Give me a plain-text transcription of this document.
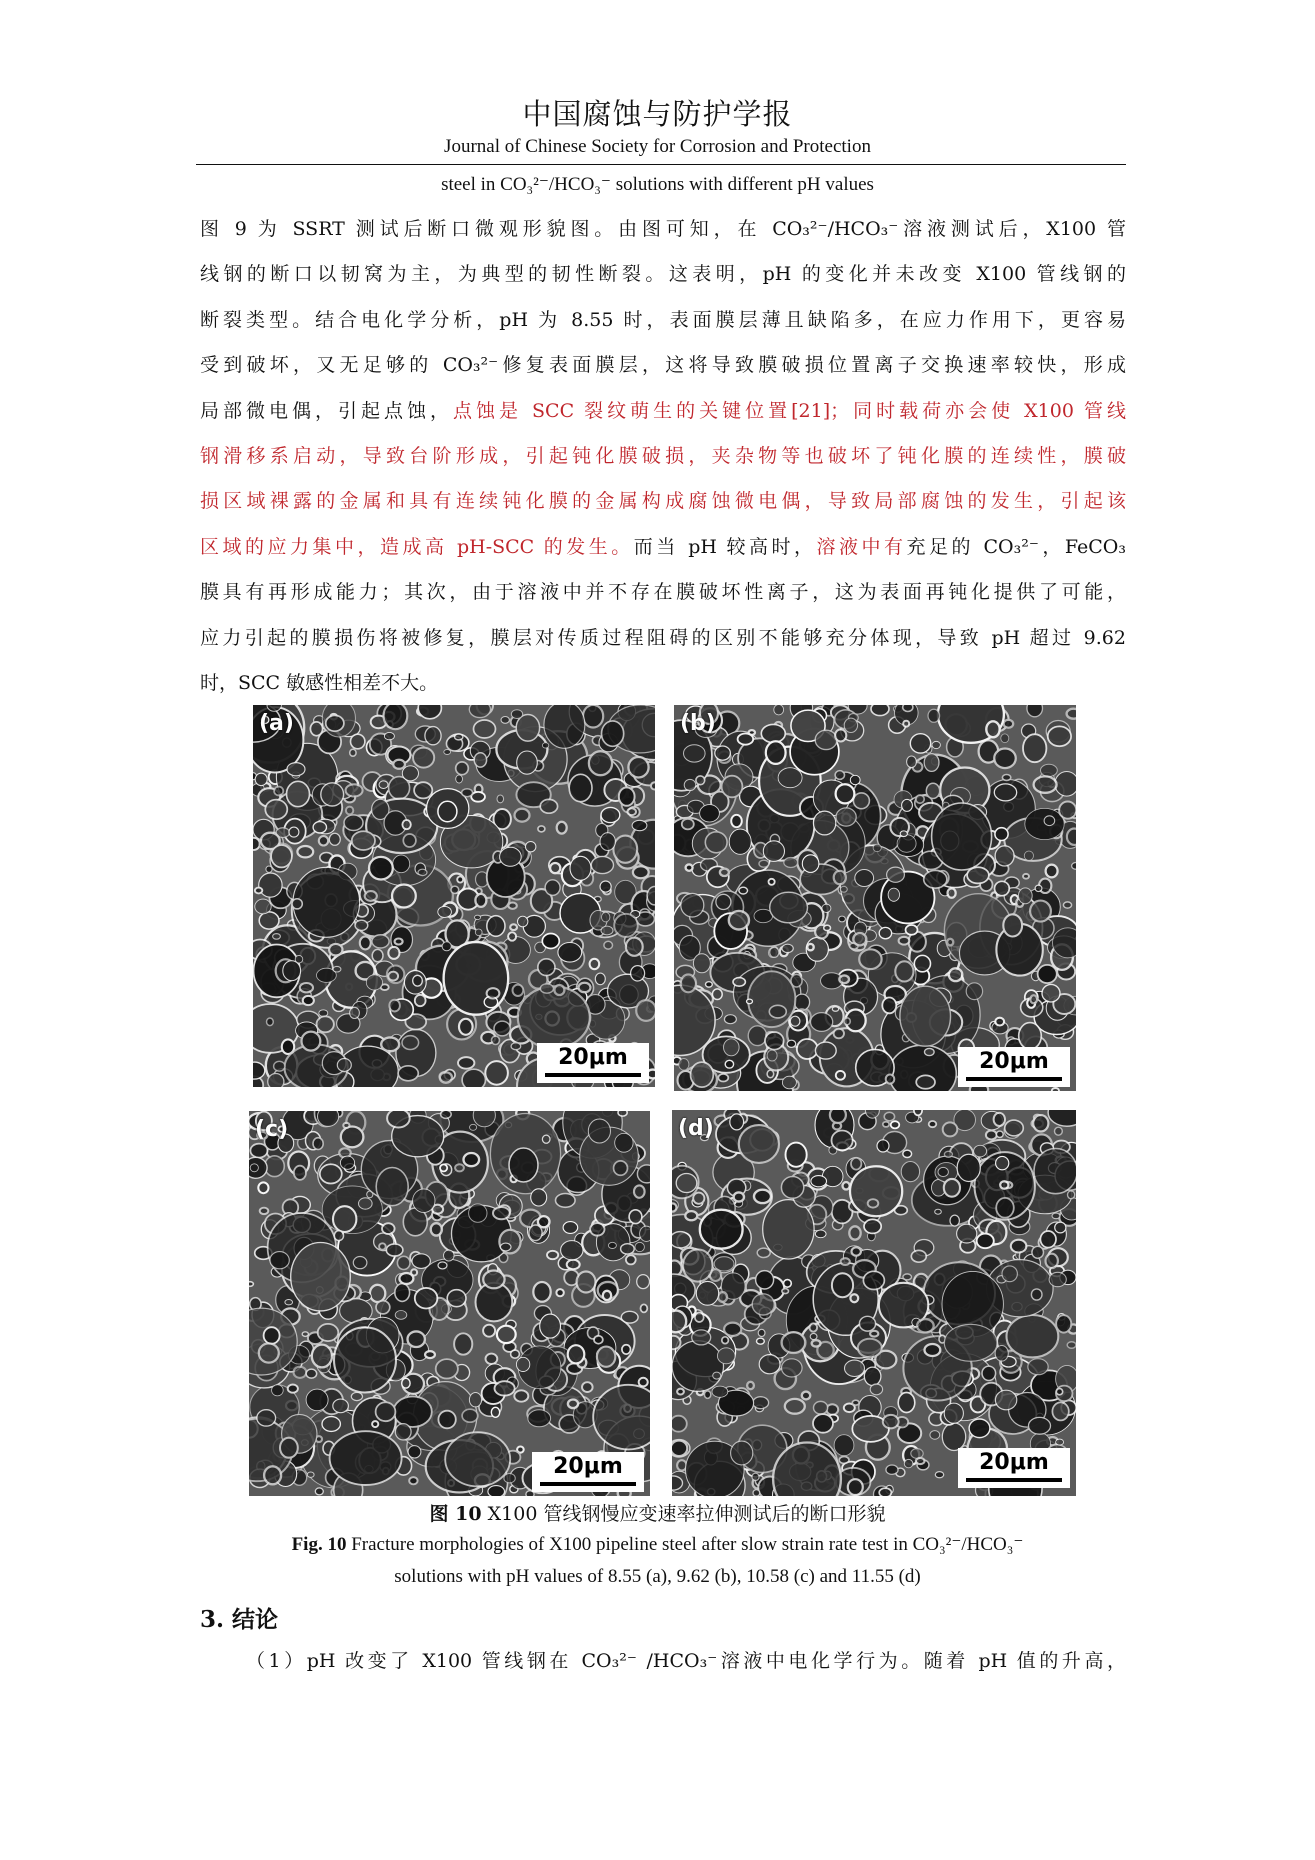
中国腐蚀与防护学报
Journal of Chinese Society for Corrosion and Protection
steel in CO₃²⁻/HCO₃⁻ solutions with different pH values
图 9 为 SSRT 测试后断口微观形貌图。由图可知，在 CO₃²⁻/HCO₃⁻溶液测试后，X100 管
线钢的断口以韧窝为主，为典型的韧性断裂。这表明，pH 的变化并未改变 X100 管线钢的
断裂类型。结合电化学分析，pH 为 8.55 时，表面膜层薄且缺陷多，在应力作用下，更容易
受到破坏，又无足够的 CO₃²⁻修复表面膜层，这将导致膜破损位置离子交换速率较快，形成
局部微电偶，引起点蚀，点蚀是 SCC 裂纹萌生的关键位置[21]；同时载荷亦会使 X100 管线
钢滑移系启动，导致台阶形成，引起钝化膜破损，夹杂物等也破坏了钝化膜的连续性，膜破
损区域裸露的金属和具有连续钝化膜的金属构成腐蚀微电偶，导致局部腐蚀的发生，引起该
区域的应力集中，造成高 pH-SCC 的发生。而当 pH 较高时，溶液中有充足的 CO₃²⁻，FeCO₃
膜具有再形成能力；其次，由于溶液中并不存在膜破坏性离子，这为表面再钝化提供了可能，
应力引起的膜损伤将被修复，膜层对传质过程阻碍的区别不能够充分体现，导致 pH 超过 9.62
时，SCC 敏感性相差不大。
(a)
20μm
(b)
20μm
(c)
20μm
(d)
20μm
图 10 X100 管线钢慢应变速率拉伸测试后的断口形貌
Fig. 10 Fracture morphologies of X100 pipeline steel after slow strain rate test in CO₃²⁻/HCO₃⁻
solutions with pH values of 8.55 (a), 9.62 (b), 10.58 (c) and 11.55 (d)
3. 结论
（1）pH 改变了 X100 管线钢在 CO₃²⁻ /HCO₃⁻溶液中电化学行为。随着 pH 值的升高，
